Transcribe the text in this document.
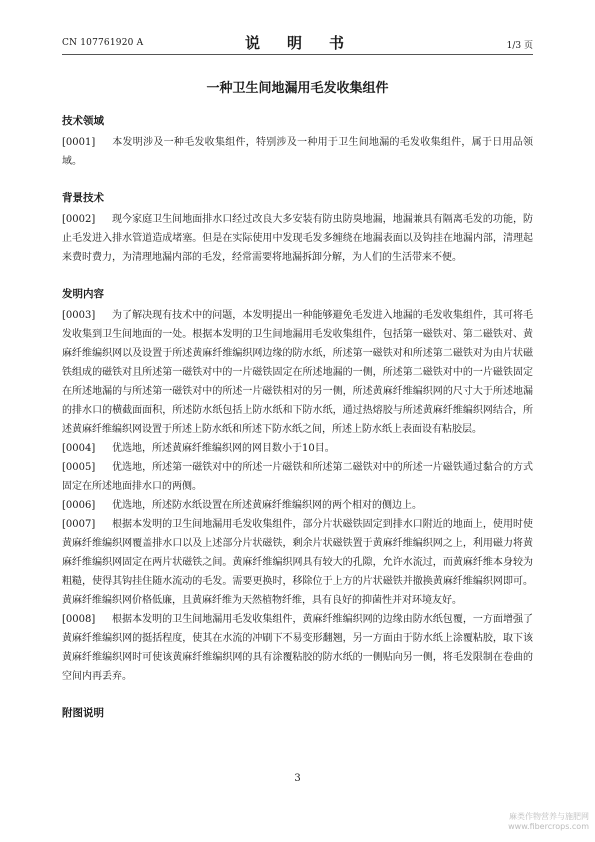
CN 107761920 A	说　明　书	1/3 页
一种卫生间地漏用毛发收集组件
技术领域

[0001] 本发明涉及一种毛发收集组件，特别涉及一种用于卫生间地漏的毛发收集组件，属于日用品领域。

背景技术

[0002] 现今家庭卫生间地面排水口经过改良大多安装有防虫防臭地漏，地漏兼具有隔离毛发的功能，防止毛发进入排水管道造成堵塞。但是在实际使用中发现毛发多缠绕在地漏表面以及钩挂在地漏内部，清理起来费时费力，为清理地漏内部的毛发，经常需要将地漏拆卸分解，为人们的生活带来不便。

发明内容

[0003] 为了解决现有技术中的问题，本发明提出一种能够避免毛发进入地漏的毛发收集组件，其可将毛发收集到卫生间地面的一处。根据本发明的卫生间地漏用毛发收集组件，包括第一磁铁对、第二磁铁对、黄麻纤维编织网以及设置于所述黄麻纤维编织网边缘的防水纸，所述第一磁铁对和所述第二磁铁对为由片状磁铁组成的磁铁对且所述第一磁铁对中的一片磁铁固定在所述地漏的一侧，所述第二磁铁对中的一片磁铁固定在所述地漏的与所述第一磁铁对中的所述一片磁铁相对的另一侧，所述黄麻纤维编织网的尺寸大于所述地漏的排水口的横截面面积，所述防水纸包括上防水纸和下防水纸，通过热熔胶与所述黄麻纤维编织网结合，所述黄麻纤维编织网设置于所述上防水纸和所述下防水纸之间，所述上防水纸上表面设有粘胶层。

[0004] 优选地，所述黄麻纤维编织网的网目数小于10目。

[0005] 优选地，所述第一磁铁对中的所述一片磁铁和所述第二磁铁对中的所述一片磁铁通过黏合的方式固定在所述地面排水口的两侧。

[0006] 优选地，所述防水纸设置在所述黄麻纤维编织网的两个相对的侧边上。

[0007] 根据本发明的卫生间地漏用毛发收集组件，部分片状磁铁固定到排水口附近的地面上，使用时使黄麻纤维编织网覆盖排水口以及上述部分片状磁铁，剩余片状磁铁置于黄麻纤维编织网之上，利用磁力将黄麻纤维编织网固定在两片状磁铁之间。黄麻纤维编织网具有较大的孔隙，允许水流过，而黄麻纤维本身较为粗糙，使得其钩挂住随水流动的毛发。需要更换时，移除位于上方的片状磁铁并撤换黄麻纤维编织网即可。黄麻纤维编织网价格低廉，且黄麻纤维为天然植物纤维，具有良好的抑菌性并对环境友好。

[0008] 根据本发明的卫生间地漏用毛发收集组件，黄麻纤维编织网的边缘由防水纸包覆，一方面增强了黄麻纤维编织网的挺括程度，使其在水流的冲刷下不易变形翻翘，另一方面由于防水纸上涂覆粘胶，取下该黄麻纤维编织网时可使该黄麻纤维编织网的具有涂覆粘胶的防水纸的一侧贴向另一侧，将毛发限制在卷曲的空间内再丢弃。

附图说明
3
麻类作物营养与施肥网
www.fibercrops.com
